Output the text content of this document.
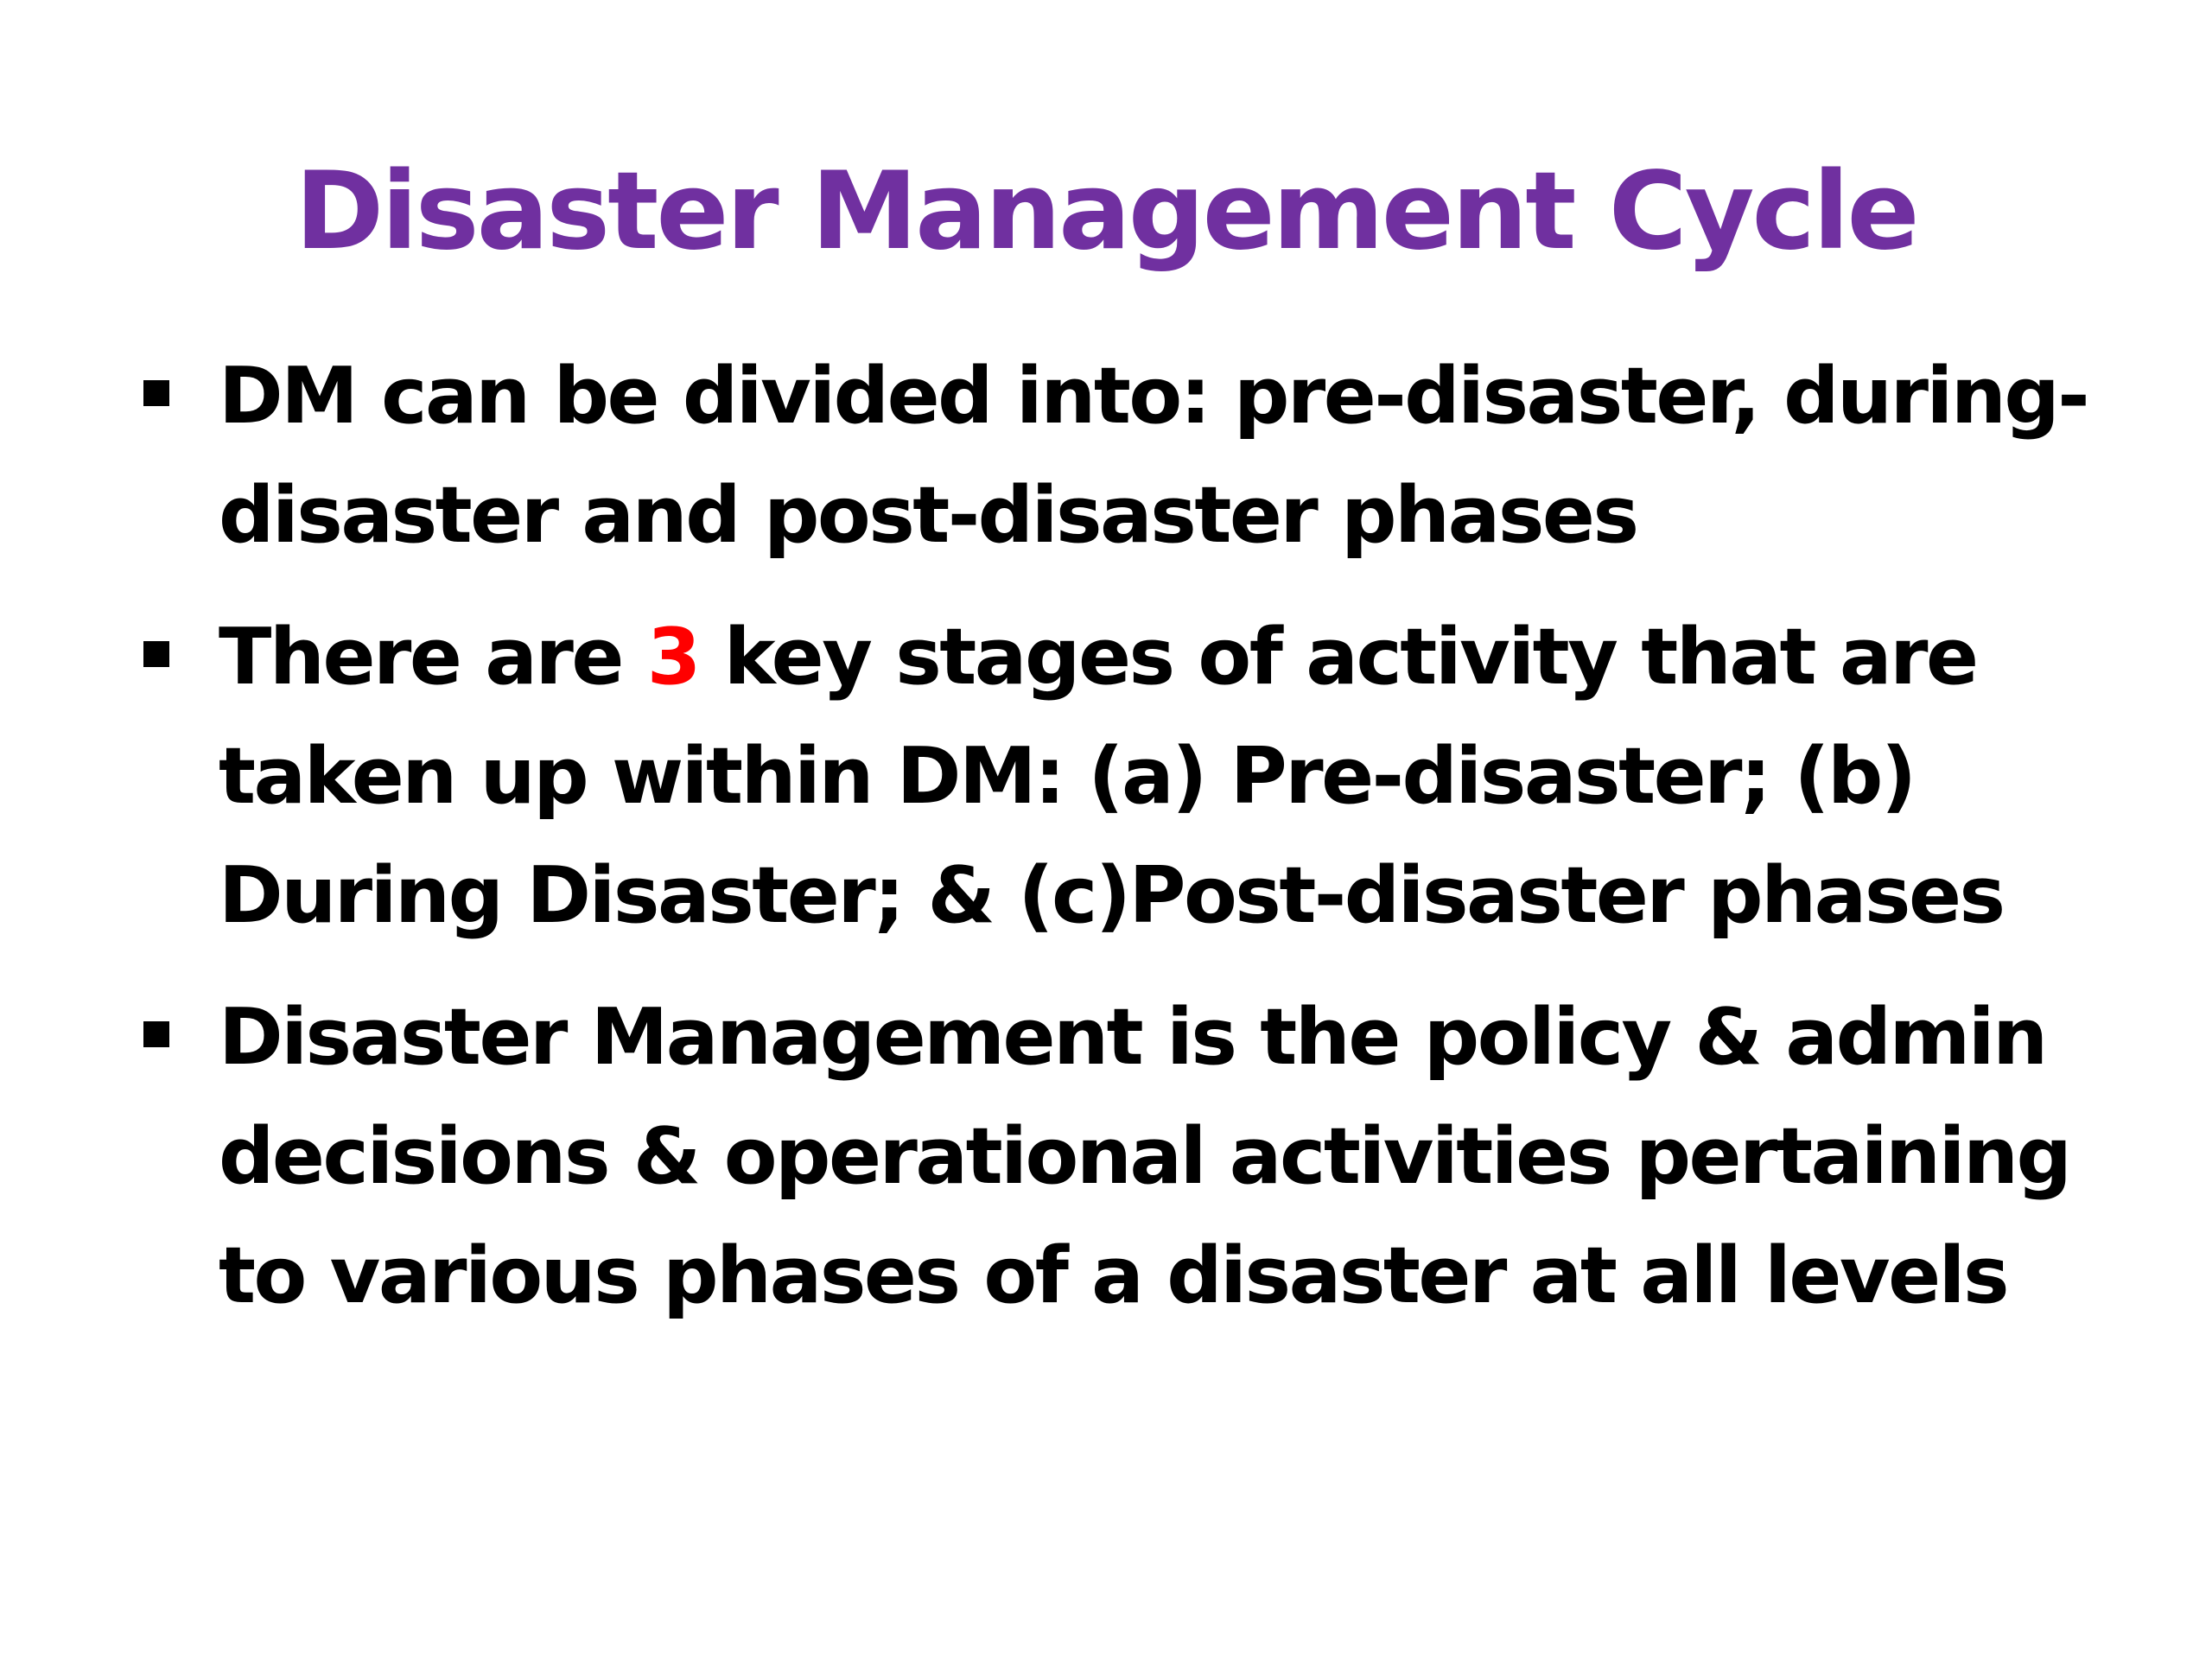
Disaster Management Cycle
DM can be divided into: pre-disaster, during-disaster and post-disaster phases
There are 3 key stages of activity that are taken up within DM: (a) Pre-disaster; (b) During Disaster; & (c)Post-disaster phases
Disaster Management is the policy & admin decisions & operational activities pertaining to various phases of a disaster at all levels
